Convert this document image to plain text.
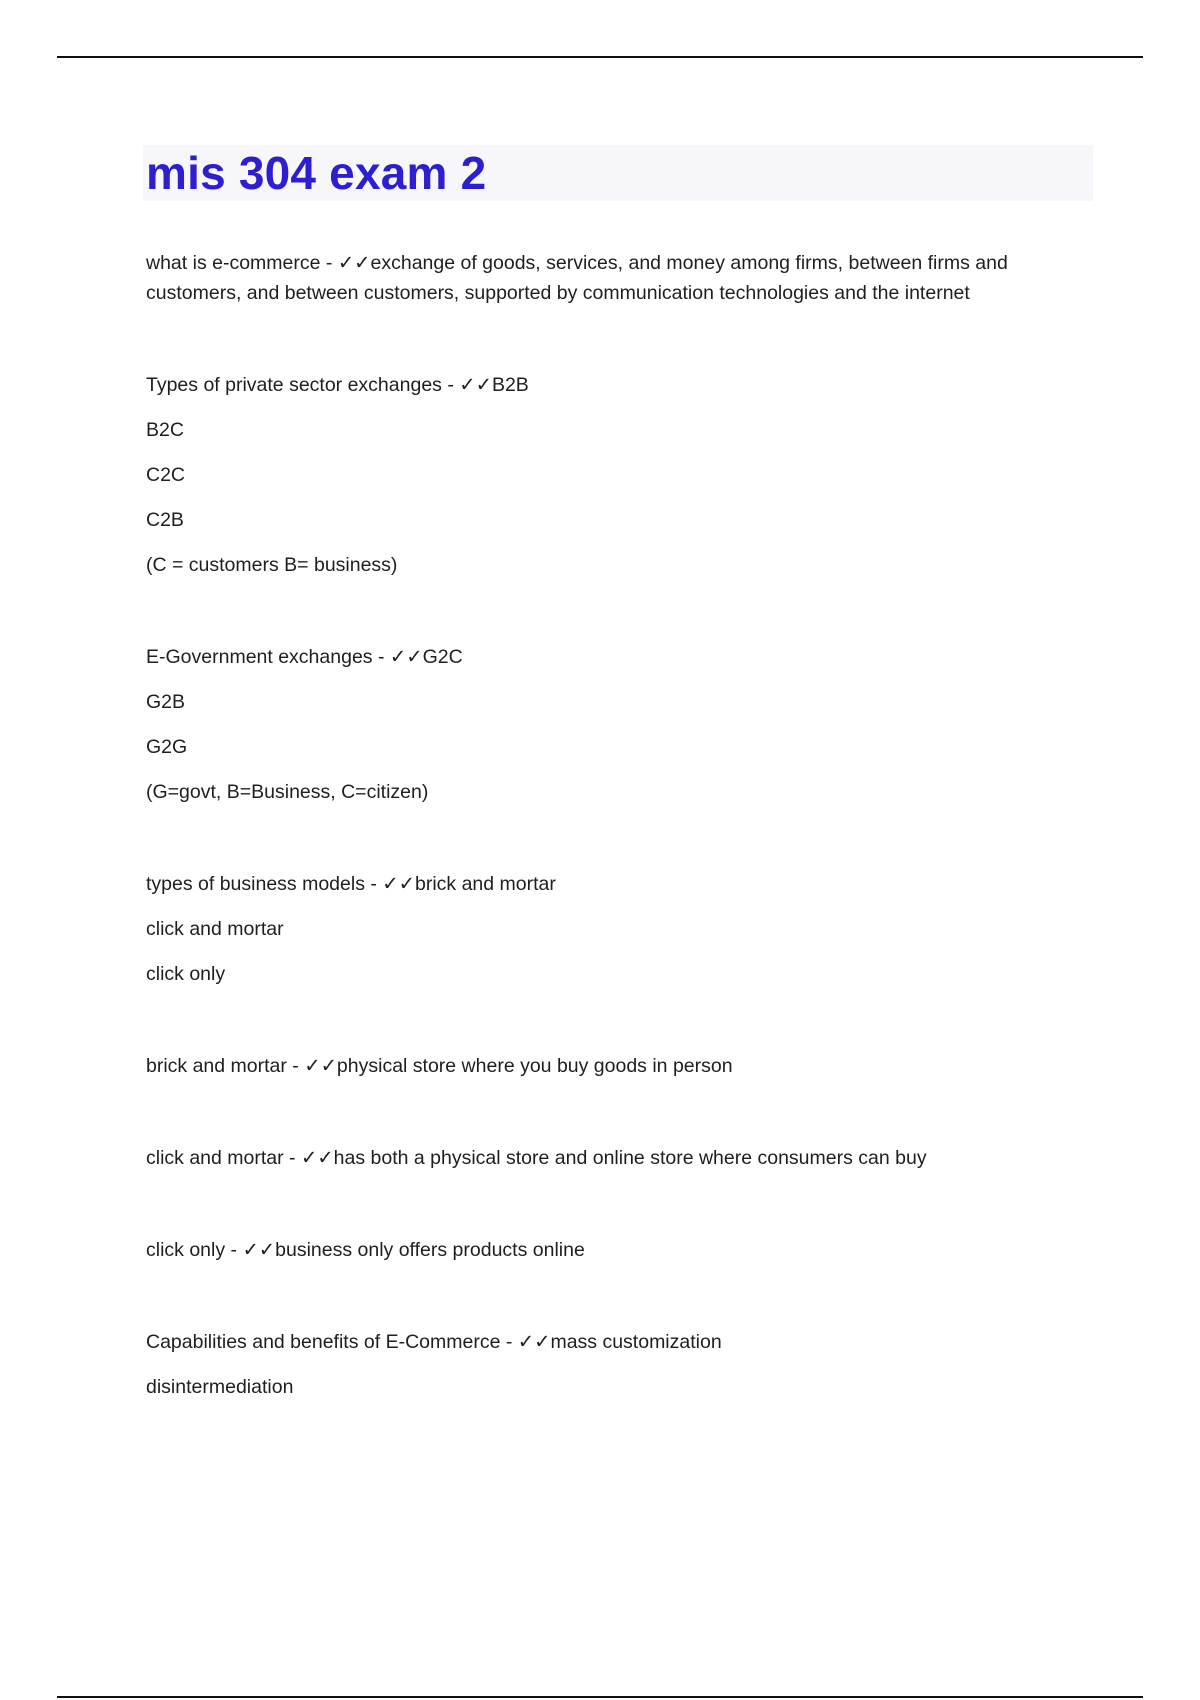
mis 304 exam 2

what is e-commerce - ✓✓exchange of goods, services, and money among firms, between firms and customers, and between customers, supported by communication technologies and the internet

Types of private sector exchanges - ✓✓B2B

B2C

C2C

C2B

(C = customers B= business)

E-Government exchanges - ✓✓G2C

G2B

G2G

(G=govt, B=Business, C=citizen)

types of business models - ✓✓brick and mortar

click and mortar

click only

brick and mortar - ✓✓physical store where you buy goods in person

click and mortar - ✓✓has both a physical store and online store where consumers can buy

click only - ✓✓business only offers products online

Capabilities and benefits of E-Commerce - ✓✓mass customization

disintermediation
